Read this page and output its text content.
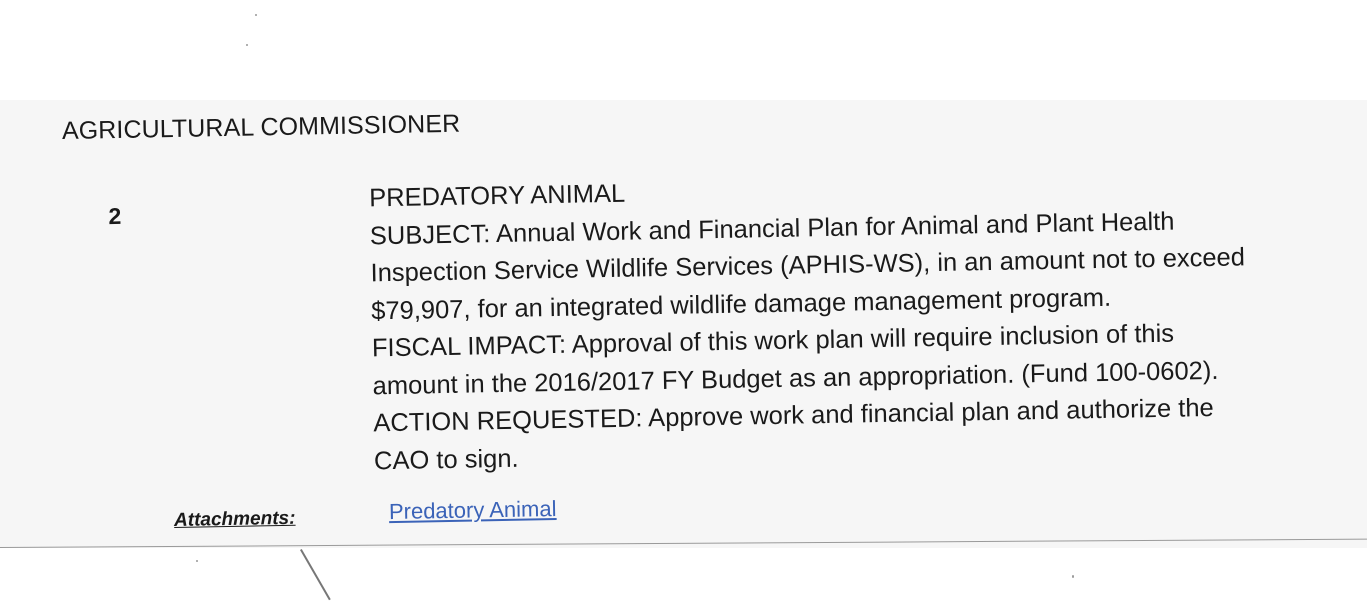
AGRICULTURAL COMMISSIONER
2
PREDATORY ANIMAL
SUBJECT: Annual Work and Financial Plan for Animal and Plant Health
Inspection Service Wildlife Services (APHIS-WS), in an amount not to exceed
$79,907, for an integrated wildlife damage management program.
FISCAL IMPACT: Approval of this work plan will require inclusion of this
amount in the 2016/2017 FY Budget as an appropriation. (Fund 100-0602).
ACTION REQUESTED: Approve work and financial plan and authorize the
CAO to sign.
Attachments:	Predatory Animal
